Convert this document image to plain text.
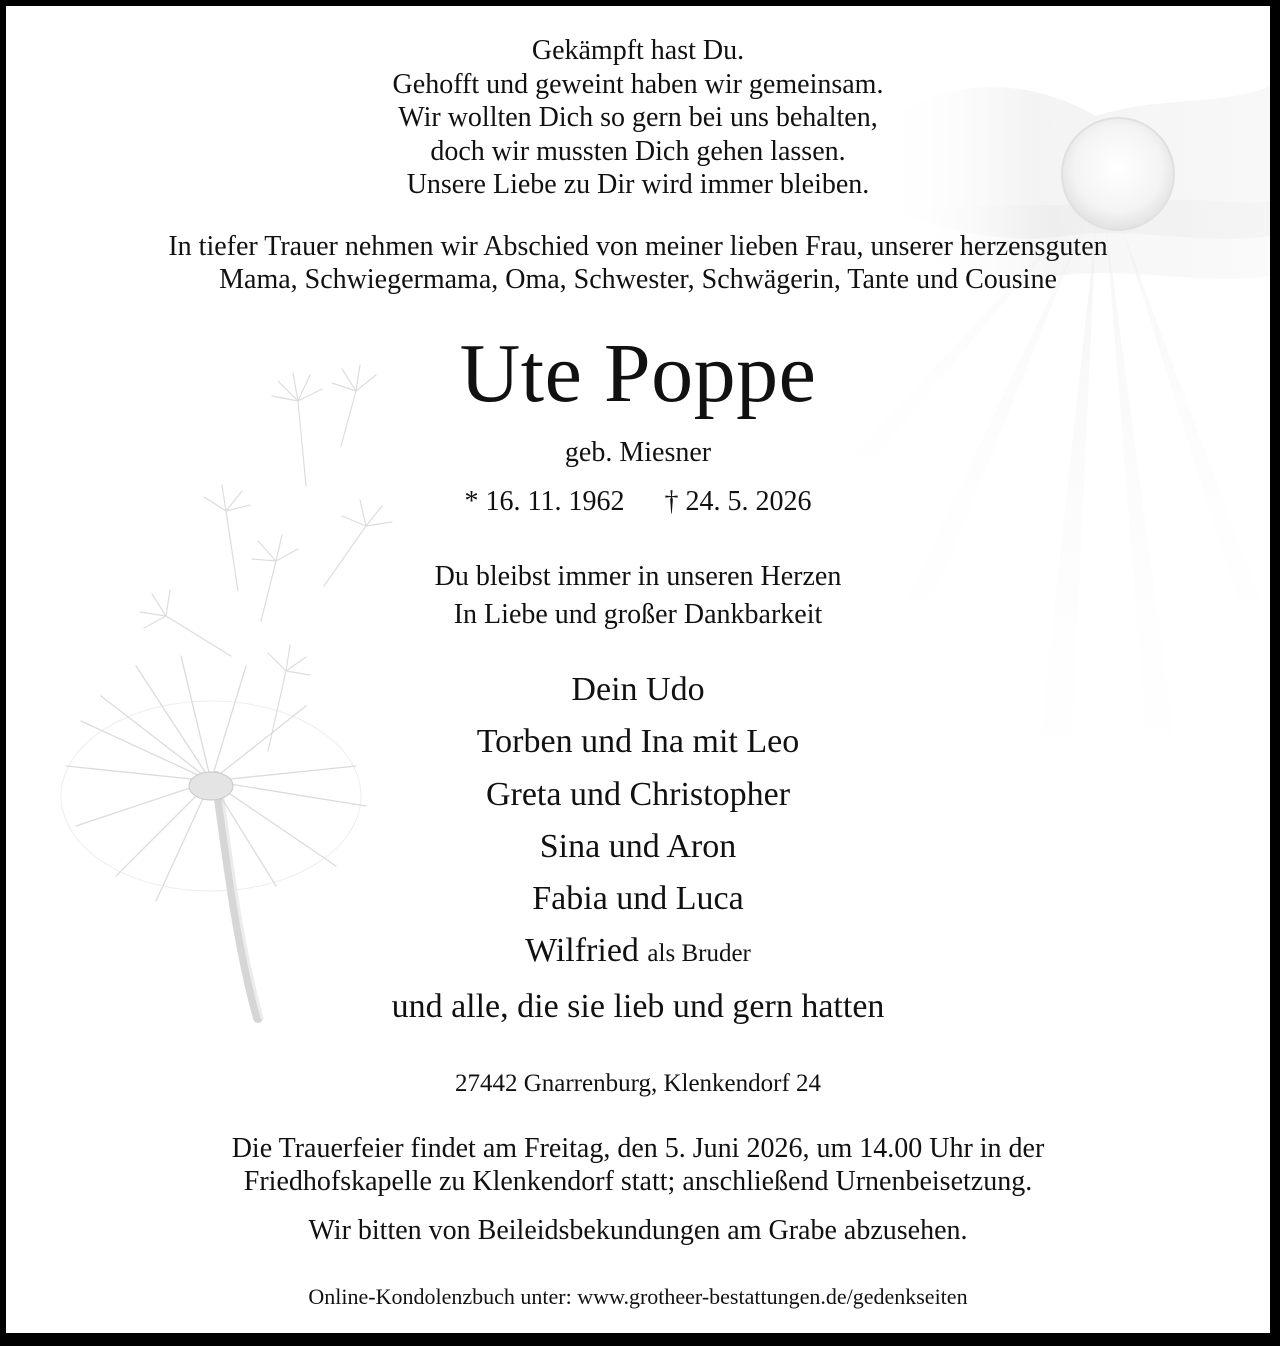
Gekämpft hast Du.
Gehofft und geweint haben wir gemeinsam.
Wir wollten Dich so gern bei uns behalten,
doch wir mussten Dich gehen lassen.
Unsere Liebe zu Dir wird immer bleiben.
In tiefer Trauer nehmen wir Abschied von meiner lieben Frau, unserer herzensguten
Mama, Schwiegermama, Oma, Schwester, Schwägerin, Tante und Cousine
Ute Poppe
geb. Miesner
* 16. 11. 1962 † 24. 5. 2026
Du bleibst immer in unseren Herzen
In Liebe und großer Dankbarkeit
Dein Udo
Torben und Ina mit Leo
Greta und Christopher
Sina und Aron
Fabia und Luca
Wilfried als Bruder
und alle, die sie lieb und gern hatten
27442 Gnarrenburg, Klenkendorf 24
Die Trauerfeier findet am Freitag, den 5. Juni 2026, um 14.00 Uhr in der
Friedhofskapelle zu Klenkendorf statt; anschließend Urnenbeisetzung.
Wir bitten von Beileidsbekundungen am Grabe abzusehen.
Online-Kondolenzbuch unter: www.grotheer-bestattungen.de/gedenkseiten
